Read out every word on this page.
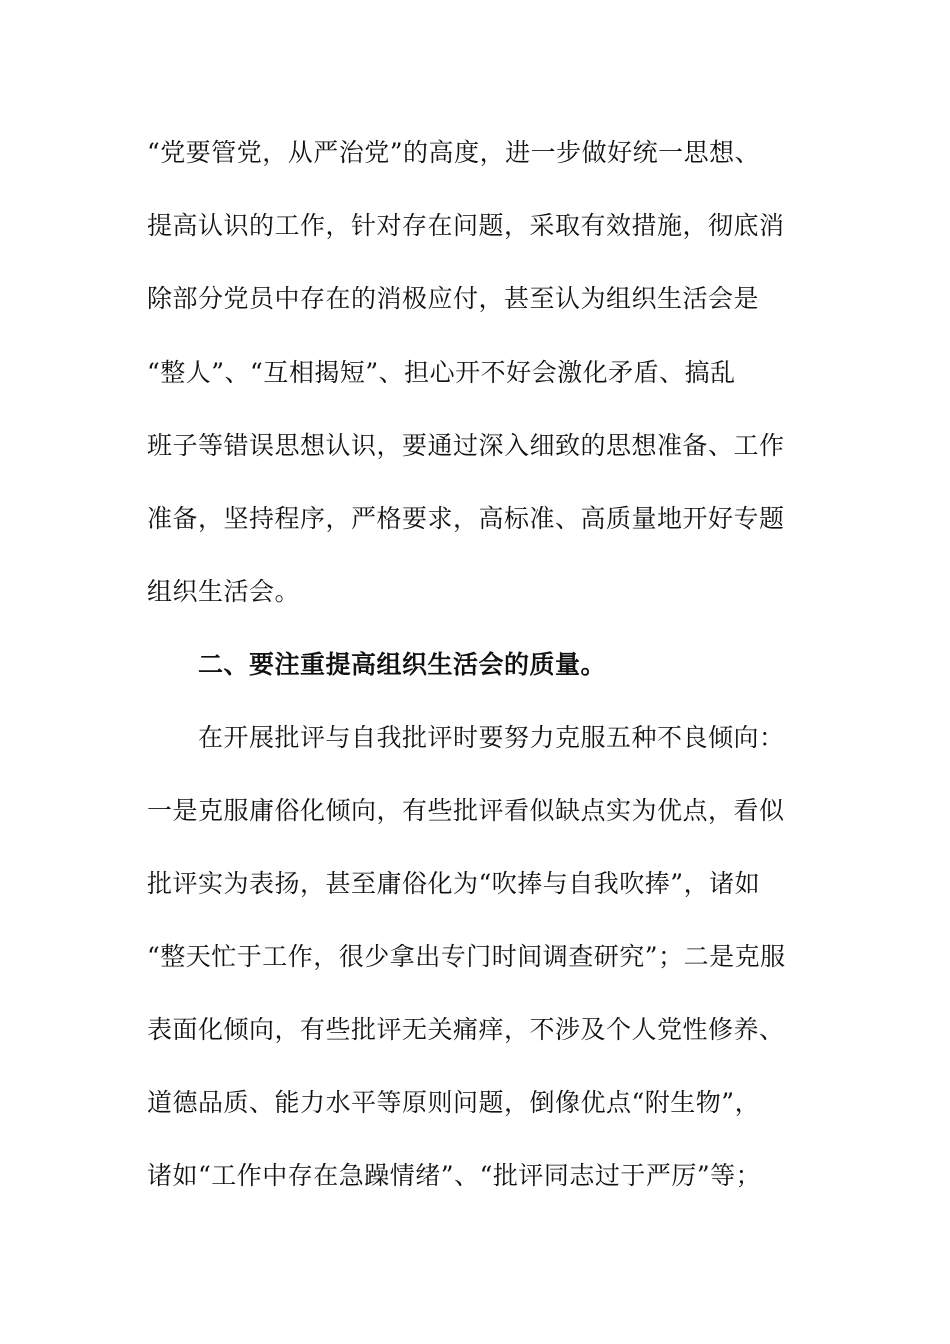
“党要管党，从严治党”的高度，进一步做好统一思想、
提高认识的工作，针对存在问题，采取有效措施，彻底消
除部分党员中存在的消极应付，甚至认为组织生活会是
“整人”、“互相揭短”、担心开不好会激化矛盾、搞乱
班子等错误思想认识，要通过深入细致的思想准备、工作
准备，坚持程序，严格要求，高标准、高质量地开好专题
组织生活会。
二、要注重提高组织生活会的质量。
在开展批评与自我批评时要努力克服五种不良倾向：
一是克服庸俗化倾向，有些批评看似缺点实为优点，看似
批评实为表扬，甚至庸俗化为“吹捧与自我吹捧”，诸如
“整天忙于工作，很少拿出专门时间调查研究”；二是克服
表面化倾向，有些批评无关痛痒，不涉及个人党性修养、
道德品质、能力水平等原则问题，倒像优点“附生物”，
诸如“工作中存在急躁情绪”、“批评同志过于严厉”等；
